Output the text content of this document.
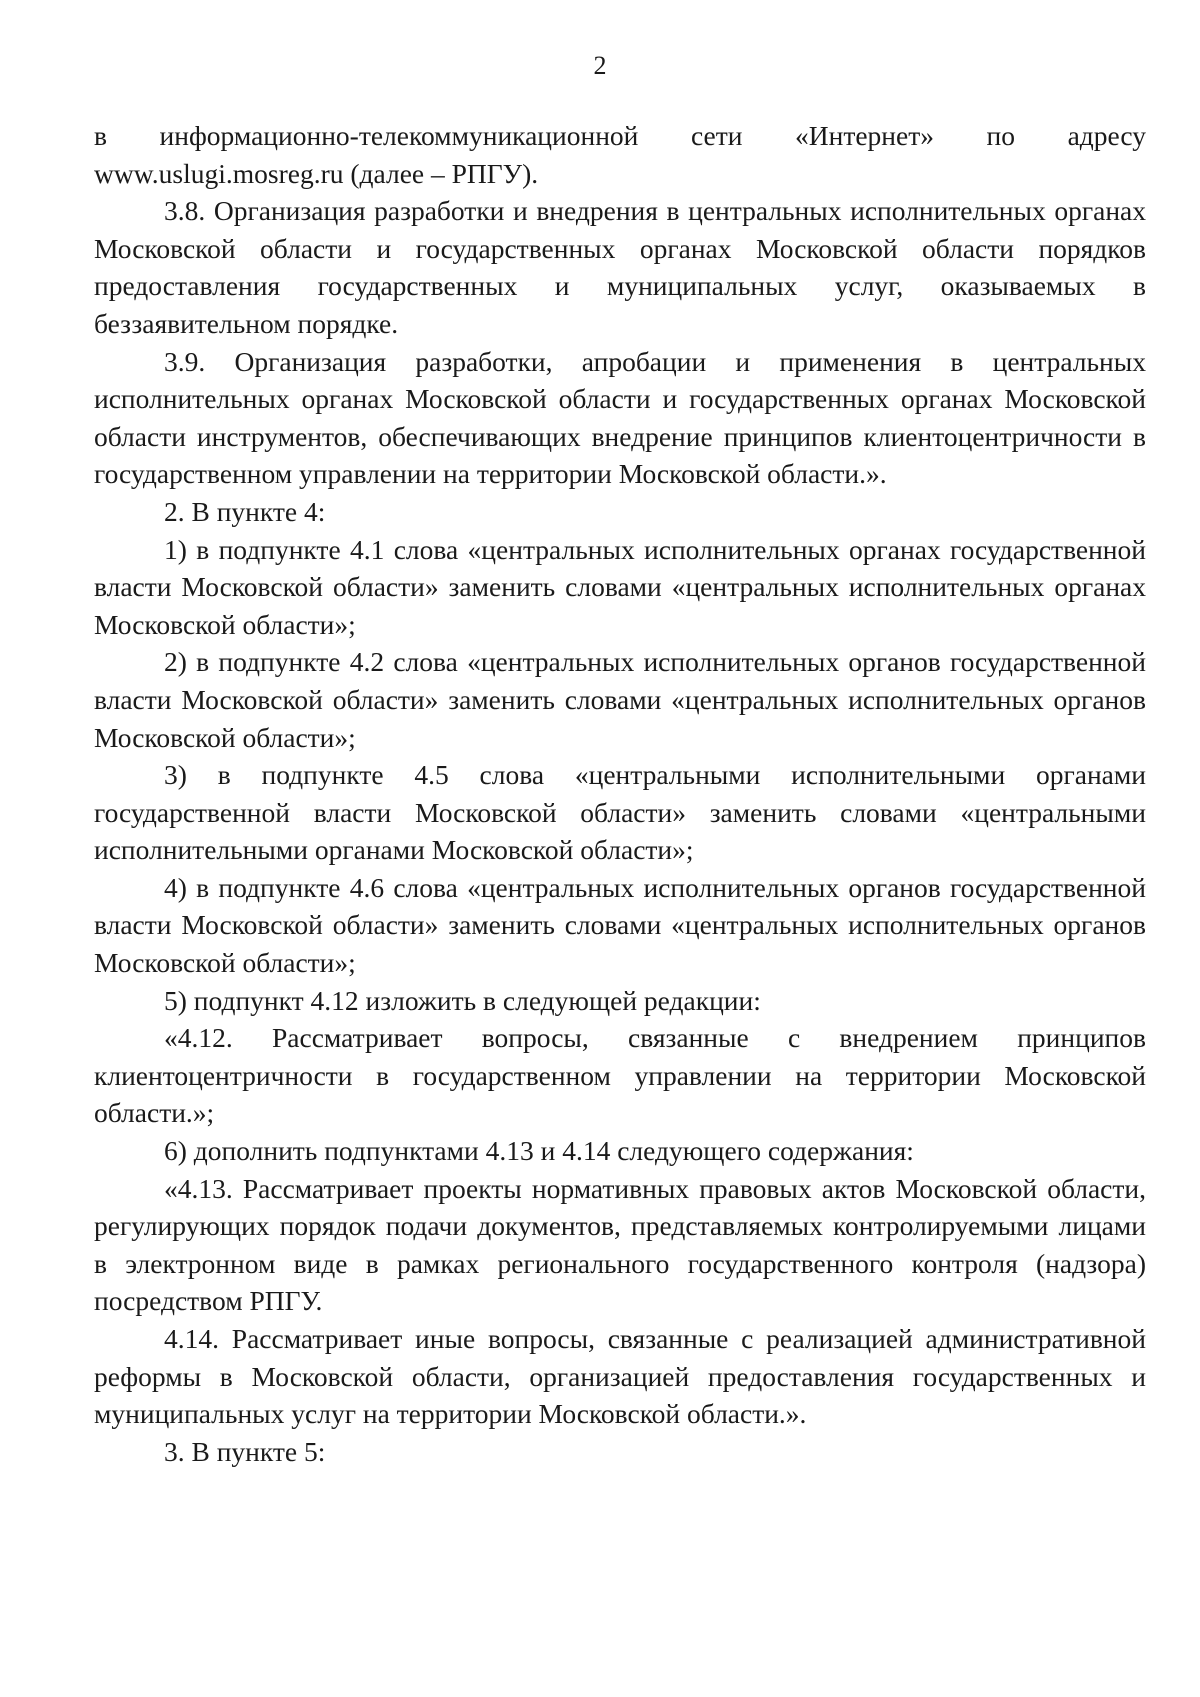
2

в информационно-телекоммуникационной сети «Интернет» по адресу www.uslugi.mosreg.ru (далее – РПГУ).

3.8. Организация разработки и внедрения в центральных исполнительных органах Московской области и государственных органах Московской области порядков предоставления государственных и муниципальных услуг, оказываемых в беззаявительном порядке.

3.9. Организация разработки, апробации и применения в центральных исполнительных органах Московской области и государственных органах Московской области инструментов, обеспечивающих внедрение принципов клиентоцентричности в государственном управлении на территории Московской области.».

2. В пункте 4:

1) в подпункте 4.1 слова «центральных исполнительных органах государственной власти Московской области» заменить словами «центральных исполнительных органах Московской области»;

2) в подпункте 4.2 слова «центральных исполнительных органов государственной власти Московской области» заменить словами «центральных исполнительных органов Московской области»;

3) в подпункте 4.5 слова «центральными исполнительными органами государственной власти Московской области» заменить словами «центральными исполнительными органами Московской области»;

4) в подпункте 4.6 слова «центральных исполнительных органов государственной власти Московской области» заменить словами «центральных исполнительных органов Московской области»;

5) подпункт 4.12 изложить в следующей редакции:

«4.12. Рассматривает вопросы, связанные с внедрением принципов клиентоцентричности в государственном управлении на территории Московской области.»;

6) дополнить подпунктами 4.13 и 4.14 следующего содержания:

«4.13. Рассматривает проекты нормативных правовых актов Московской области, регулирующих порядок подачи документов, представляемых контролируемыми лицами в электронном виде в рамках регионального государственного контроля (надзора) посредством РПГУ.

4.14. Рассматривает иные вопросы, связанные с реализацией административной реформы в Московской области, организацией предоставления государственных и муниципальных услуг на территории Московской области.».

3. В пункте 5:
